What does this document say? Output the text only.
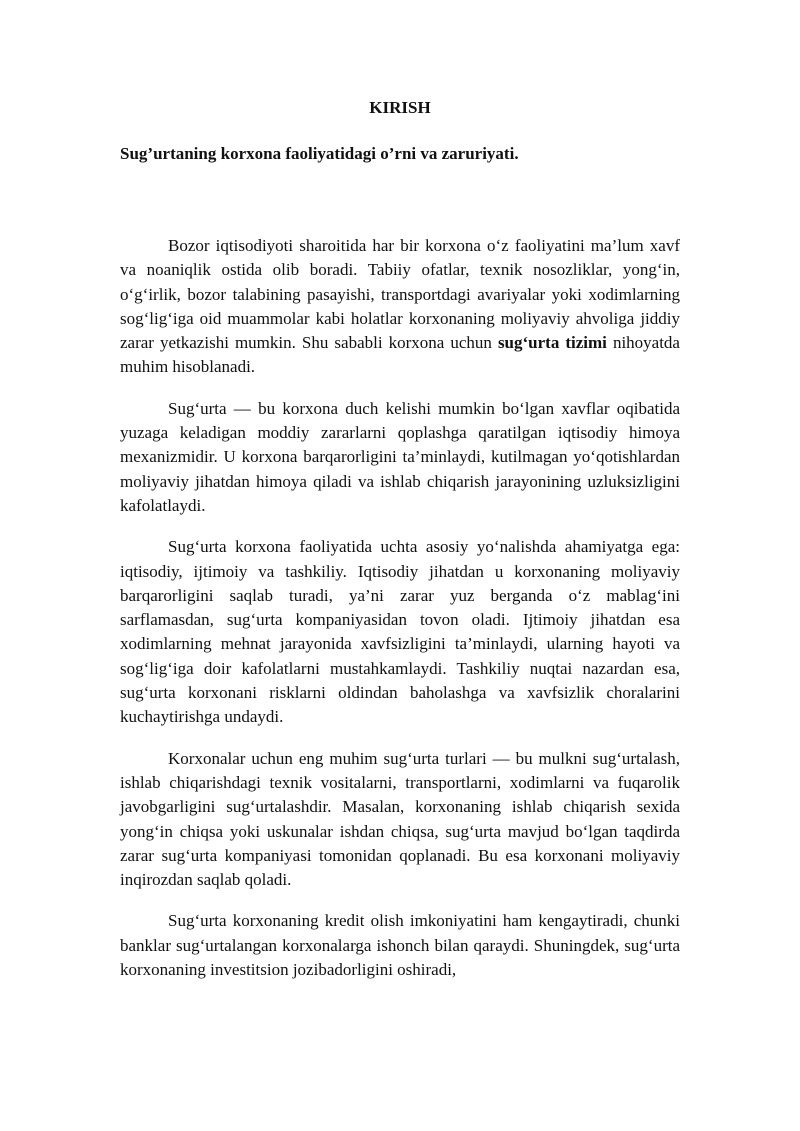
KIRISH
Sug’urtaning korxona faoliyatidagi o’rni va zaruriyati.

Bozor iqtisodiyoti sharoitida har bir korxona o‘z faoliyatini ma’lum xavf va noaniqlik ostida olib boradi. Tabiiy ofatlar, texnik nosozliklar, yong‘in, o‘g‘irlik, bozor talabining pasayishi, transportdagi avariyalar yoki xodimlarning sog‘lig‘iga oid muammolar kabi holatlar korxonaning moliyaviy ahvoliga jiddiy zarar yetkazishi mumkin. Shu sababli korxona uchun sug‘urta tizimi nihoyatda muhim hisoblanadi.

Sug‘urta — bu korxona duch kelishi mumkin bo‘lgan xavflar oqibatida yuzaga keladigan moddiy zararlarni qoplashga qaratilgan iqtisodiy himoya mexanizmidir. U korxona barqarorligini ta’minlaydi, kutilmagan yo‘qotishlardan moliyaviy jihatdan himoya qiladi va ishlab chiqarish jarayonining uzluksizligini kafolatlaydi.

Sug‘urta korxona faoliyatida uchta asosiy yo‘nalishda ahamiyatga ega: iqtisodiy, ijtimoiy va tashkiliy. Iqtisodiy jihatdan u korxonaning moliyaviy barqarorligini saqlab turadi, ya’ni zarar yuz berganda o‘z mablag‘ini sarflamasdan, sug‘urta kompaniyasidan tovon oladi. Ijtimoiy jihatdan esa xodimlarning mehnat jarayonida xavfsizligini ta’minlaydi, ularning hayoti va sog‘lig‘iga doir kafolatlarni mustahkamlaydi. Tashkiliy nuqtai nazardan esa, sug‘urta korxonani risklarni oldindan baholashga va xavfsizlik choralarini kuchaytirishga undaydi.

Korxonalar uchun eng muhim sug‘urta turlari — bu mulkni sug‘urtalash, ishlab chiqarishdagi texnik vositalarni, transportlarni, xodimlarni va fuqarolik javobgarligini sug‘urtalashdir. Masalan, korxonaning ishlab chiqarish sexida yong‘in chiqsa yoki uskunalar ishdan chiqsa, sug‘urta mavjud bo‘lgan taqdirda zarar sug‘urta kompaniyasi tomonidan qoplanadi. Bu esa korxonani moliyaviy inqirozdan saqlab qoladi.

Sug‘urta korxonaning kredit olish imkoniyatini ham kengaytiradi, chunki banklar sug‘urtalangan korxonalarga ishonch bilan qaraydi. Shuningdek, sug‘urta korxonaning investitsion jozibadorligini oshiradi,
